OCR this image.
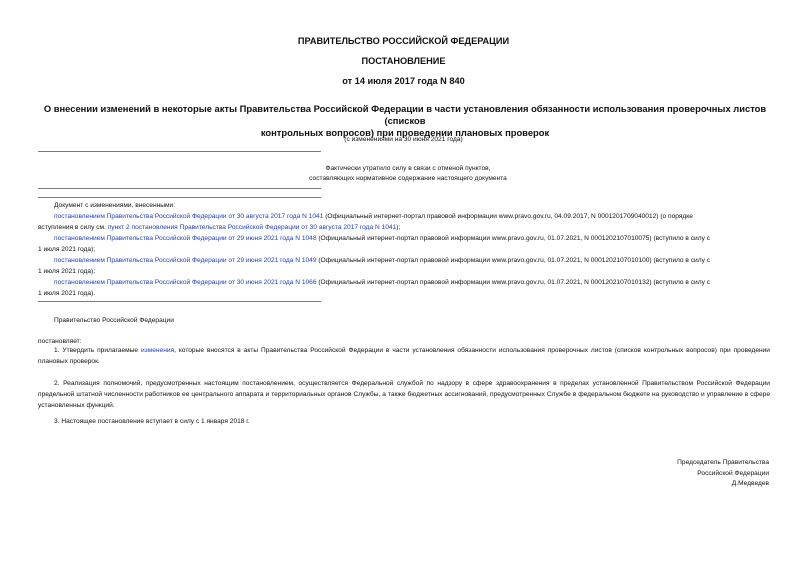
ПРАВИТЕЛЬСТВО РОССИЙСКОЙ ФЕДЕРАЦИИ
ПОСТАНОВЛЕНИЕ
от 14 июля 2017 года N 840
О внесении изменений в некоторые акты Правительства Российской Федерации в части установления обязанности использования проверочных листов (списков
контрольных вопросов) при проведении плановых проверок
(с изменениями на 30 июня 2021 года)
Фактически утратило силу в связи с отменой пунктов,
составляющих нормативное содержание настоящего документа
Документ с изменениями, внесенными:
постановлением Правительства Российской Федерации от 30 августа 2017 года N 1041 (Официальный интернет-портал правовой информации www.pravo.gov.ru, 04.09.2017, N 0001201709040012) (о порядке
вступления в силу см. пункт 2 постановления Правительства Российской Федерации от 30 августа 2017 года N 1041);
постановлением Правительства Российской Федерации от 29 июня 2021 года N 1048 (Официальный интернет-портал правовой информации www.pravo.gov.ru, 01.07.2021, N 0001202107010075) (вступило в силу с
1 июля 2021 года);
постановлением Правительства Российской Федерации от 29 июня 2021 года N 1049 (Официальный интернет-портал правовой информации www.pravo.gov.ru, 01.07.2021, N 0001202107010100) (вступило в силу с
1 июля 2021 года);
постановлением Правительства Российской Федерации от 30 июня 2021 года N 1066 (Официальный интернет-портал правовой информации www.pravo.gov.ru, 01.07.2021, N 0001202107010132) (вступило в силу с
1 июля 2021 года).
Правительство Российской Федерации
постановляет:
1. Утвердить прилагаемые изменения, которые вносятся в акты Правительства Российской Федерации в части установления обязанности использования проверочных листов (списков контрольных вопросов) при проведении плановых проверок.
2. Реализация полномочий, предусмотренных настоящим постановлением, осуществляется Федеральной службой по надзору в сфере здравоохранения в пределах установленной Правительством Российской Федерации предельной штатной численности работников ее центрального аппарата и территориальных органов Службы, а также бюджетных ассигнований, предусмотренных Службе в федеральном бюджете на руководство и управление в сфере установленных функций.
3. Настоящее постановление вступает в силу с 1 января 2018 г.
Председатель Правительства
Российской Федерации
Д.Медведев
